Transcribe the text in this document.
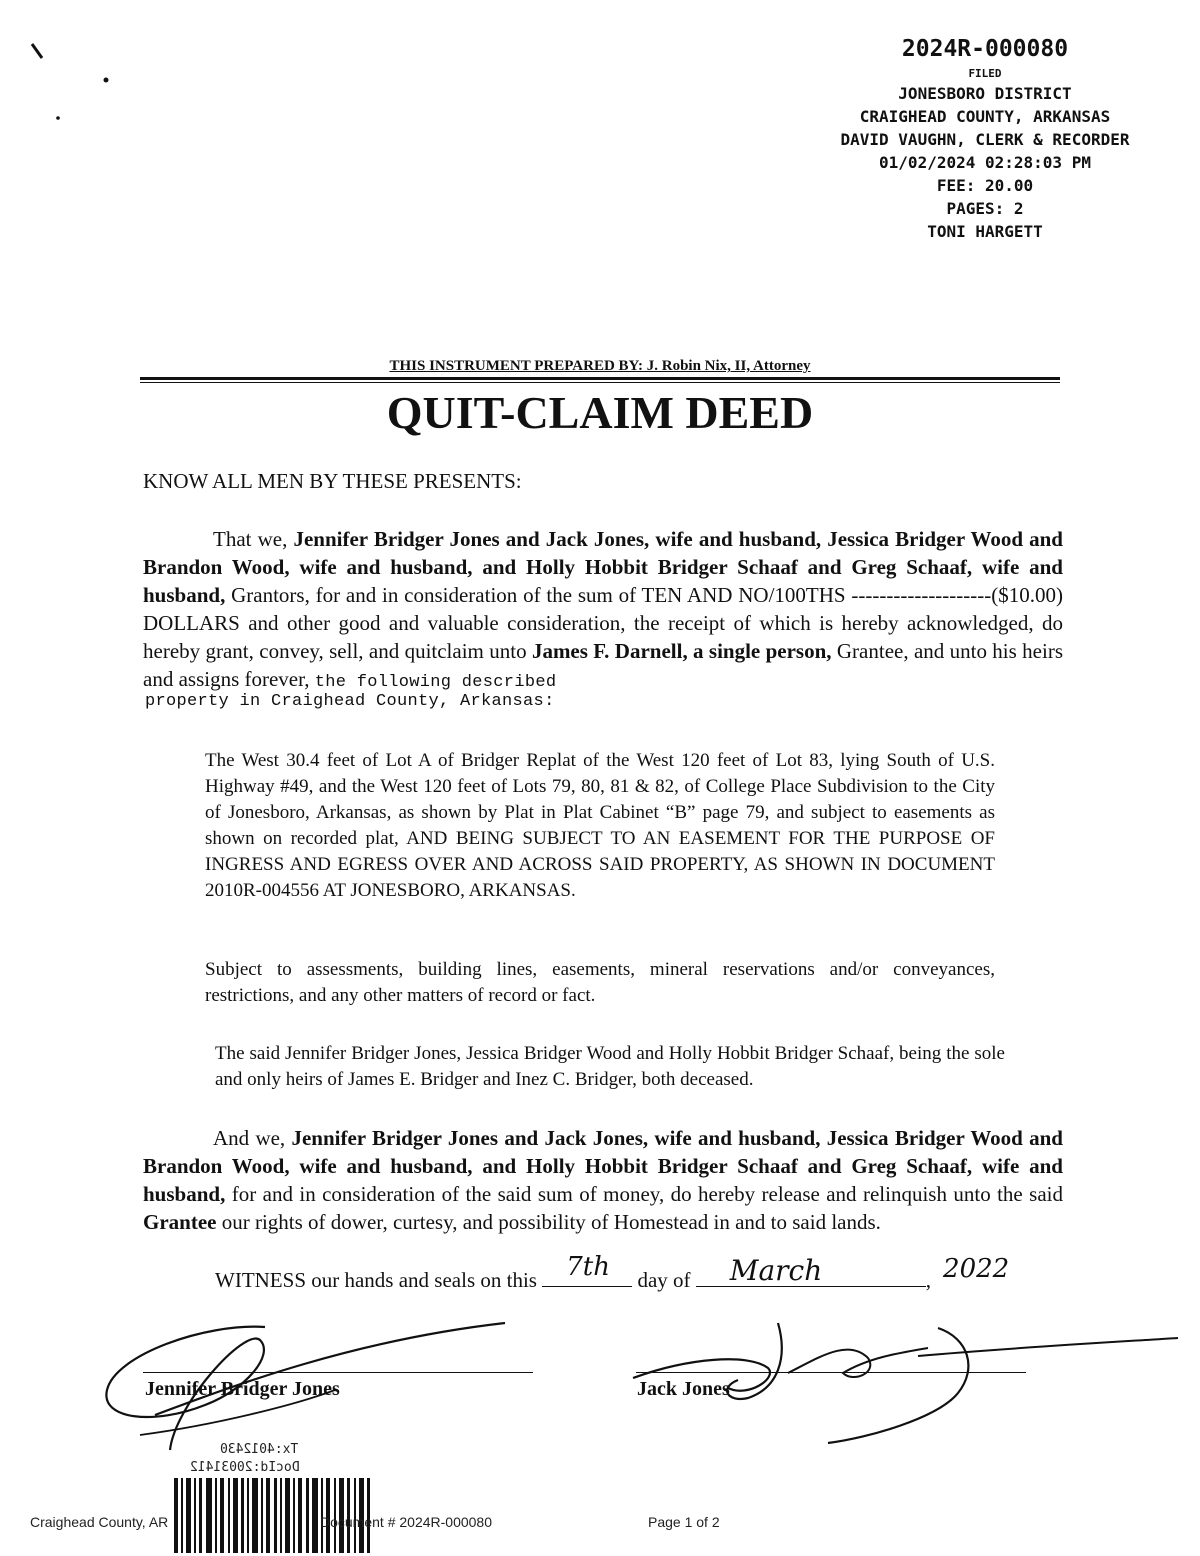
2024R-000080
FILED
JONESBORO DISTRICT
CRAIGHEAD COUNTY, ARKANSAS
DAVID VAUGHN, CLERK & RECORDER
01/02/2024 02:28:03 PM
FEE: 20.00
PAGES: 2
TONI HARGETT
THIS INSTRUMENT PREPARED BY: J. Robin Nix, II, Attorney
QUIT-CLAIM DEED
KNOW ALL MEN BY THESE PRESENTS:

That we, Jennifer Bridger Jones and Jack Jones, wife and husband, Jessica Bridger Wood and Brandon Wood, wife and husband, and Holly Hobbit Bridger Schaaf and Greg Schaaf, wife and husband, Grantors, for and in consideration of the sum of TEN AND NO/100THS --------------------($10.00) DOLLARS and other good and valuable consideration, the receipt of which is hereby acknowledged, do hereby grant, convey, sell, and quitclaim unto James F. Darnell, a single person, Grantee, and unto his heirs and assigns forever, the following described

property in Craighead County, Arkansas:

The West 30.4 feet of Lot A of Bridger Replat of the West 120 feet of Lot 83, lying South of U.S. Highway #49, and the West 120 feet of Lots 79, 80, 81 & 82, of College Place Subdivision to the City of Jonesboro, Arkansas, as shown by Plat in Plat Cabinet “B” page 79, and subject to easements as shown on recorded plat, AND BEING SUBJECT TO AN EASEMENT FOR THE PURPOSE OF INGRESS AND EGRESS OVER AND ACROSS SAID PROPERTY, AS SHOWN IN DOCUMENT 2010R-004556 AT JONESBORO, ARKANSAS.

Subject to assessments, building lines, easements, mineral reservations and/or conveyances, restrictions, and any other matters of record or fact.

The said Jennifer Bridger Jones, Jessica Bridger Wood and Holly Hobbit Bridger Schaaf, being the sole and only heirs of James E. Bridger and Inez C. Bridger, both deceased.

And we, Jennifer Bridger Jones and Jack Jones, wife and husband, Jessica Bridger Wood and Brandon Wood, wife and husband, and Holly Hobbit Bridger Schaaf and Greg Schaaf, wife and husband, for and in consideration of the said sum of money, do hereby release and relinquish unto the said Grantee our rights of dower, curtesy, and possibility of Homestead in and to said lands.

WITNESS our hands and seals on this 7th day of March	, 2022
Jennifer Bridger Jones	Jack Jones
Tx:4012430
DocId:20031412
Craighead County, AR	Document # 2024R-000080	Page 1 of 2
